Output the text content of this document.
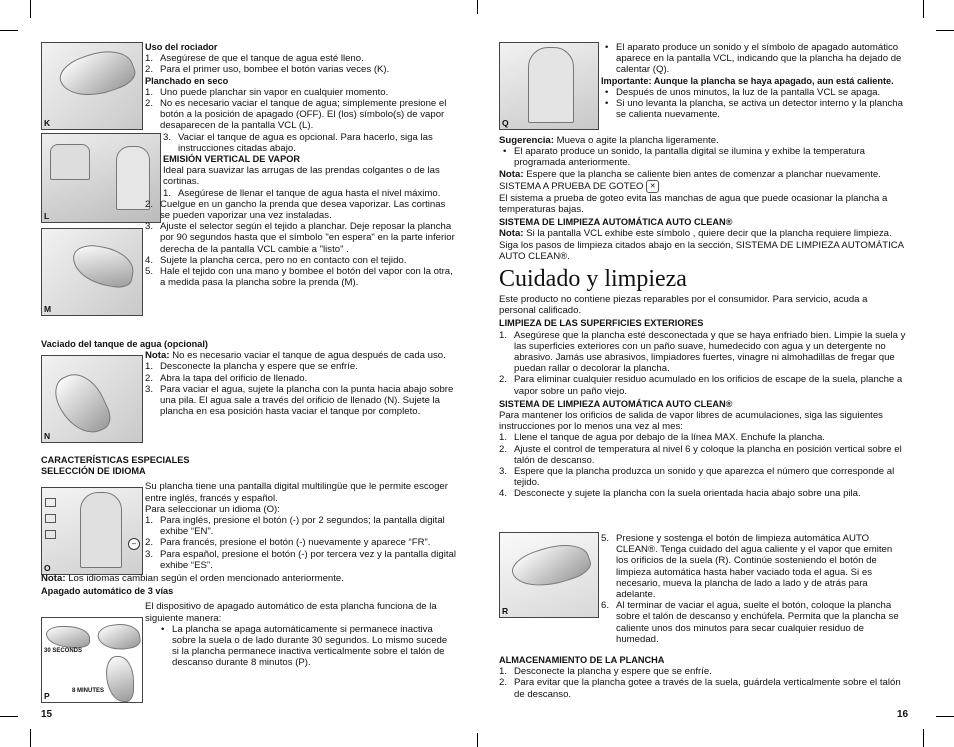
K
L
M
N
O
–
30 SECONDS
8 MINUTES
P

Uso del rociador

1. Asegúrese de que el tanque de agua esté lleno.
2. Para el primer uso, bombee el botón varias veces (K).

Planchado en seco

1. Uno puede planchar sin vapor en cualquier momento.
2. No es necesario vaciar el tanque de agua; simplemente presione el botón a la posición de apagado (OFF). El (los) símbolo(s) de vapor desaparecen de la pantalla VCL (L).
3. Vaciar el tanque de agua es opcional. Para hacerlo, siga las instrucciones citadas abajo.

EMISIÓN VERTICAL DE VAPOR

Ideal para suavizar las arrugas de las prendas colgantes o de las cortinas.

1. Asegúrese de llenar el tanque de agua hasta el nivel máximo.
2. Cuelgue en un gancho la prenda que desea vaporizar. Las cortinas se pueden vaporizar una vez instaladas.
3. Ajuste el selector según el tejido a planchar. Deje reposar la plancha por 90 segundos hasta que el símbolo "en espera" en la parte inferior derecha de la pantalla VCL cambie a "listo" .
4. Sujete la plancha cerca, pero no en contacto con el tejido.
5. Hale el tejido con una mano y bombee el botón del vapor con la otra, a medida pasa la plancha sobre la prenda (M).

Vaciado del tanque de agua (opcional)

Nota: No es necesario vaciar el tanque de agua después de cada uso.

1. Desconecte la plancha y espere que se enfríe.
2. Abra la tapa del orificio de llenado.
3. Para vaciar el agua, sujete la plancha con la punta hacia abajo sobre una pila. El agua sale a través del orificio de llenado (N). Sujete la plancha en esa posición hasta vaciar el tanque por completo.

CARACTERÍSTICAS ESPECIALES

SELECCIÓN DE IDIOMA

Su plancha tiene una pantalla digital multilingüe que le permite escoger entre inglés, francés y español.

Para seleccionar un idioma (O):

1. Para inglés, presione el botón (-) por 2 segundos; la pantalla digital exhibe “EN”.
2. Para francés, presione el botón (-) nuevamente y aparece “FR”.
3. Para español, presione el botón (-) por tercera vez y la pantalla digital exhibe “ES”.

Nota: Los idiomas cambian según el orden mencionado anteriormente.

Apagado automático de 3 vías

El dispositivo de apagado automático de esta plancha funciona de la siguiente manera:

• La plancha se apaga automáticamente si permanece inactiva sobre la suela o de lado durante 30 segundos. Lo mismo sucede si la plancha permanece inactiva verticalmente sobre el talón de descanso durante 8 minutos (P).
15
Q
R
• El aparato produce un sonido y el símbolo de apagado automático aparece en la pantalla VCL, indicando que la plancha ha dejado de calentar (Q).

Importante: Aunque la plancha se haya apagado, aun está caliente.

• Después de unos minutos, la luz de la pantalla VCL se apaga.
• Si uno levanta la plancha, se activa un detector interno y la plancha se calienta nuevamente.

Sugerencia: Mueva o agite la plancha ligeramente.

• El aparato produce un sonido, la pantalla digital se ilumina y exhibe la temperatura programada anteriormente.

Nota: Espere que la plancha se caliente bien antes de comenzar a planchar nuevamente.

SISTEMA A PRUEBA DE GOTEO ✕

El sistema a prueba de goteo evita las manchas de agua que puede ocasionar la plancha a temperaturas bajas.

SISTEMA DE LIMPIEZA AUTOMÁTICA AUTO CLEAN®

Nota: Si la pantalla VCL exhibe este símbolo , quiere decir que la plancha requiere limpieza. Siga los pasos de limpieza citados abajo en la sección, SISTEMA DE LIMPIEZA AUTOMÁTICA AUTO CLEAN®.

Cuidado y limpieza

Este producto no contiene piezas reparables por el consumidor. Para servicio, acuda a personal calificado.

LIMPIEZA DE LAS SUPERFICIES EXTERIORES

1. Asegúrese que la plancha esté desconectada y que se haya enfriado bien. Limpie la suela y las superficies exteriores con un paño suave, humedecido con agua y un detergente no abrasivo. Jamás use abrasivos, limpiadores fuertes, vinagre ni almohadillas de fregar que puedan rallar o decolorar la plancha.
2. Para eliminar cualquier residuo acumulado en los orificios de escape de la suela, planche a vapor sobre un paño viejo.

SISTEMA DE LIMPIEZA AUTOMÁTICA AUTO CLEAN®

Para mantener los orificios de salida de vapor libres de acumulaciones, siga las siguientes instrucciones por lo menos una vez al mes:

1. Llene el tanque de agua por debajo de la línea MAX. Enchufe la plancha.
2. Ajuste el control de temperatura al nivel 6 y coloque la plancha en posición vertical sobre el talón de descanso.
3. Espere que la plancha produzca un sonido y que aparezca el número que corresponde al tejido.
4. Desconecte y sujete la plancha con la suela orientada hacia abajo sobre una pila.
5. Presione y sostenga el botón de limpieza automática AUTO CLEAN®. Tenga cuidado del agua caliente y el vapor que emiten los orificios de la suela (R). Continúe sosteniendo el botón de limpieza automática hasta haber vaciado toda el agua. Si es necesario, mueva la plancha de lado a lado y de atrás para adelante.
6. Al terminar de vaciar el agua, suelte el botón, coloque la plancha sobre el talón de descanso y enchúfela. Permita que la plancha se caliente unos dos minutos para secar cualquier residuo de humedad.

ALMACENAMIENTO DE LA PLANCHA

1. Desconecte la plancha y espere que se enfríe.
2. Para evitar que la plancha gotee a través de la suela, guárdela verticalmente sobre el talón de descanso.
16
